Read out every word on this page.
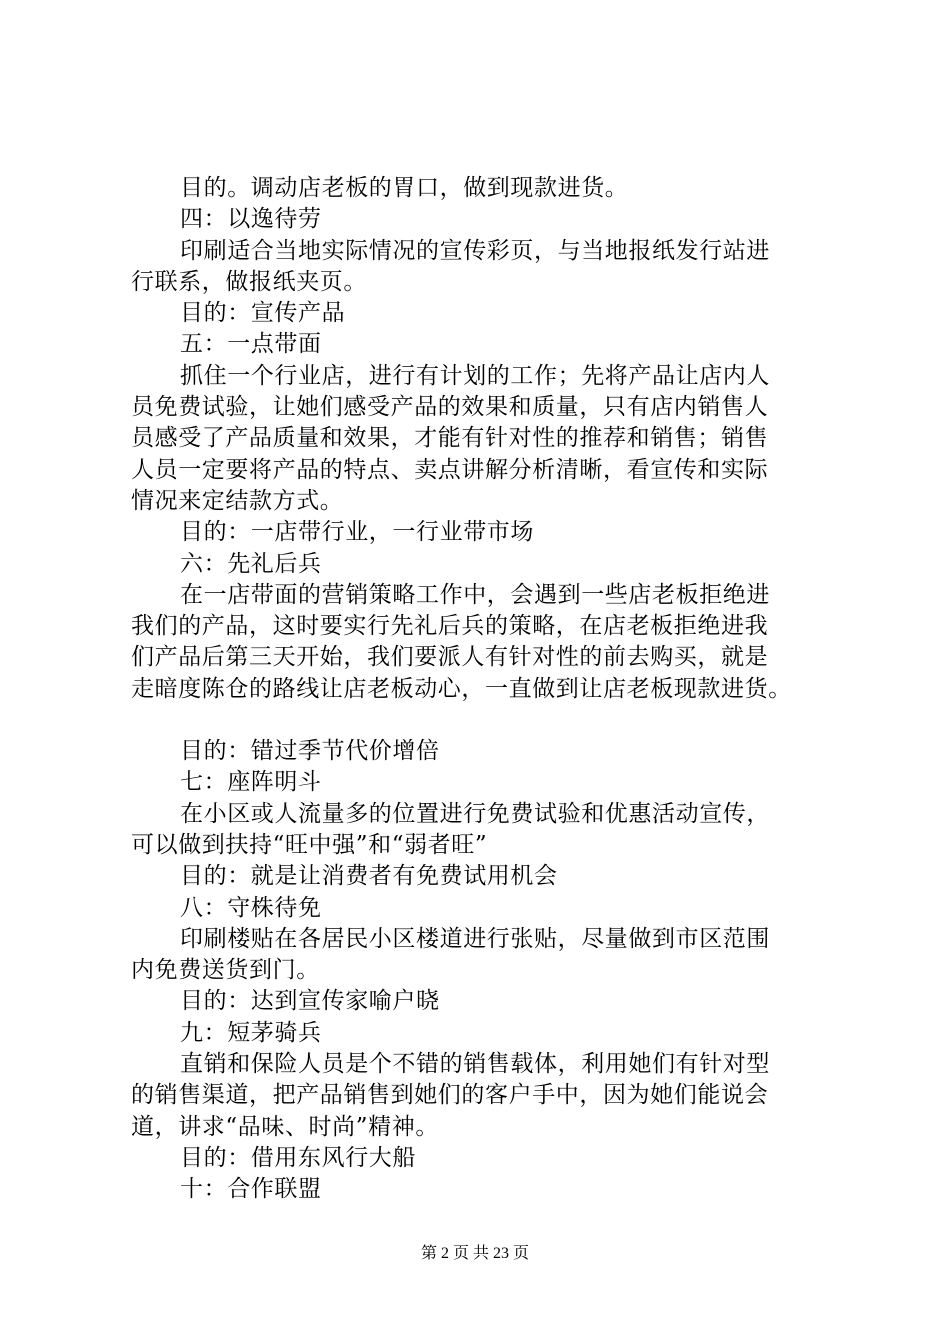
目的。调动店老板的胃口，做到现款进货。
四：以逸待劳
印刷适合当地实际情况的宣传彩页，与当地报纸发行站进
行联系，做报纸夹页。
目的：宣传产品
五：一点带面
抓住一个行业店，进行有计划的工作；先将产品让店内人
员免费试验，让她们感受产品的效果和质量，只有店内销售人
员感受了产品质量和效果，才能有针对性的推荐和销售；销售
人员一定要将产品的特点、卖点讲解分析清晰，看宣传和实际
情况来定结款方式。
目的：一店带行业，一行业带市场
六：先礼后兵
在一店带面的营销策略工作中，会遇到一些店老板拒绝进
我们的产品，这时要实行先礼后兵的策略，在店老板拒绝进我
们产品后第三天开始，我们要派人有针对性的前去购买，就是
走暗度陈仓的路线让店老板动心，一直做到让店老板现款进货。
目的：错过季节代价增倍
七：座阵明斗
在小区或人流量多的位置进行免费试验和优惠活动宣传，
可以做到扶持“旺中强”和“弱者旺”
目的：就是让消费者有免费试用机会
八：守株待免
印刷楼贴在各居民小区楼道进行张贴，尽量做到市区范围
内免费送货到门。
目的：达到宣传家喻户晓
九：短茅骑兵
直销和保险人员是个不错的销售载体，利用她们有针对型
的销售渠道，把产品销售到她们的客户手中，因为她们能说会
道，讲求“品味、时尚”精神。
目的：借用东风行大船
十：合作联盟
第 2 页 共 23 页
